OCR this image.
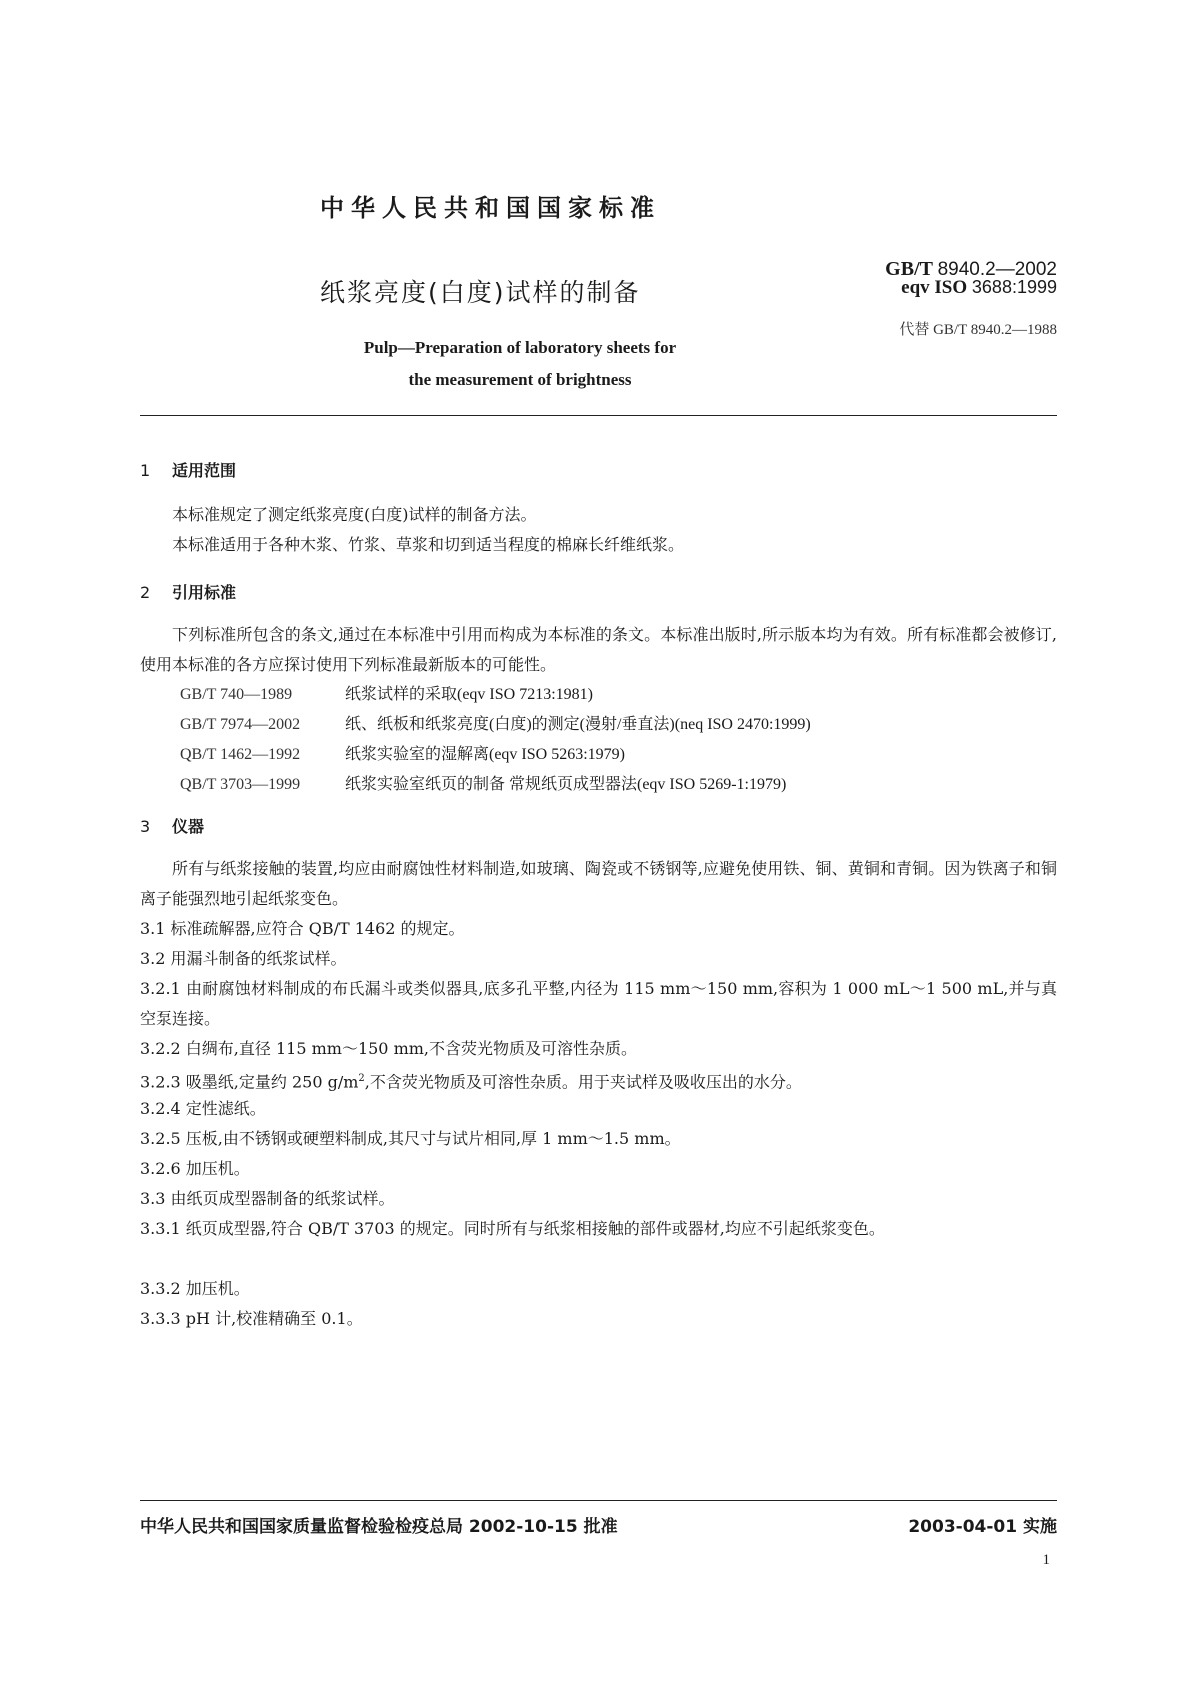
中华人民共和国国家标准
纸浆亮度(白度)试样的制备
Pulp—Preparation of laboratory sheets for
the measurement of brightness
GB/T 8940.2—2002
eqv ISO 3688:1999
代替 GB/T 8940.2—1988
1 适用范围
本标准规定了测定纸浆亮度(白度)试样的制备方法。
本标准适用于各种木浆、竹浆、草浆和切到适当程度的棉麻长纤维纸浆。
2 引用标准
下列标准所包含的条文,通过在本标准中引用而构成为本标准的条文。本标准出版时,所示版本均为有效。所有标准都会被修订,使用本标准的各方应探讨使用下列标准最新版本的可能性。
GB/T 740—1989	纸浆试样的采取(eqv ISO 7213:1981)
GB/T 7974—2002	纸、纸板和纸浆亮度(白度)的测定(漫射/垂直法)(neq ISO 2470:1999)
QB/T 1462—1992	纸浆实验室的湿解离(eqv ISO 5263:1979)
QB/T 3703—1999	纸浆实验室纸页的制备 常规纸页成型器法(eqv ISO 5269-1:1979)
3 仪器
所有与纸浆接触的装置,均应由耐腐蚀性材料制造,如玻璃、陶瓷或不锈钢等,应避免使用铁、铜、黄铜和青铜。因为铁离子和铜离子能强烈地引起纸浆变色。
3.1 标准疏解器,应符合 QB/T 1462 的规定。
3.2 用漏斗制备的纸浆试样。
3.2.1 由耐腐蚀材料制成的布氏漏斗或类似器具,底多孔平整,内径为 115 mm～150 mm,容积为 1 000 mL～1 500 mL,并与真空泵连接。
3.2.2 白绸布,直径 115 mm～150 mm,不含荧光物质及可溶性杂质。
3.2.3 吸墨纸,定量约 250 $g/m^2$,不含荧光物质及可溶性杂质。用于夹试样及吸收压出的水分。
3.2.4 定性滤纸。
3.2.5 压板,由不锈钢或硬塑料制成,其尺寸与试片相同,厚 1 mm～1.5 mm。
3.2.6 加压机。
3.3 由纸页成型器制备的纸浆试样。
3.3.1 纸页成型器,符合 QB/T 3703 的规定。同时所有与纸浆相接触的部件或器材,均应不引起纸浆变色。
3.3.2 加压机。
3.3.3 pH 计,校准精确至 0.1。
中华人民共和国国家质量监督检验检疫总局 2002-10-15 批准	2003-04-01 实施
1
